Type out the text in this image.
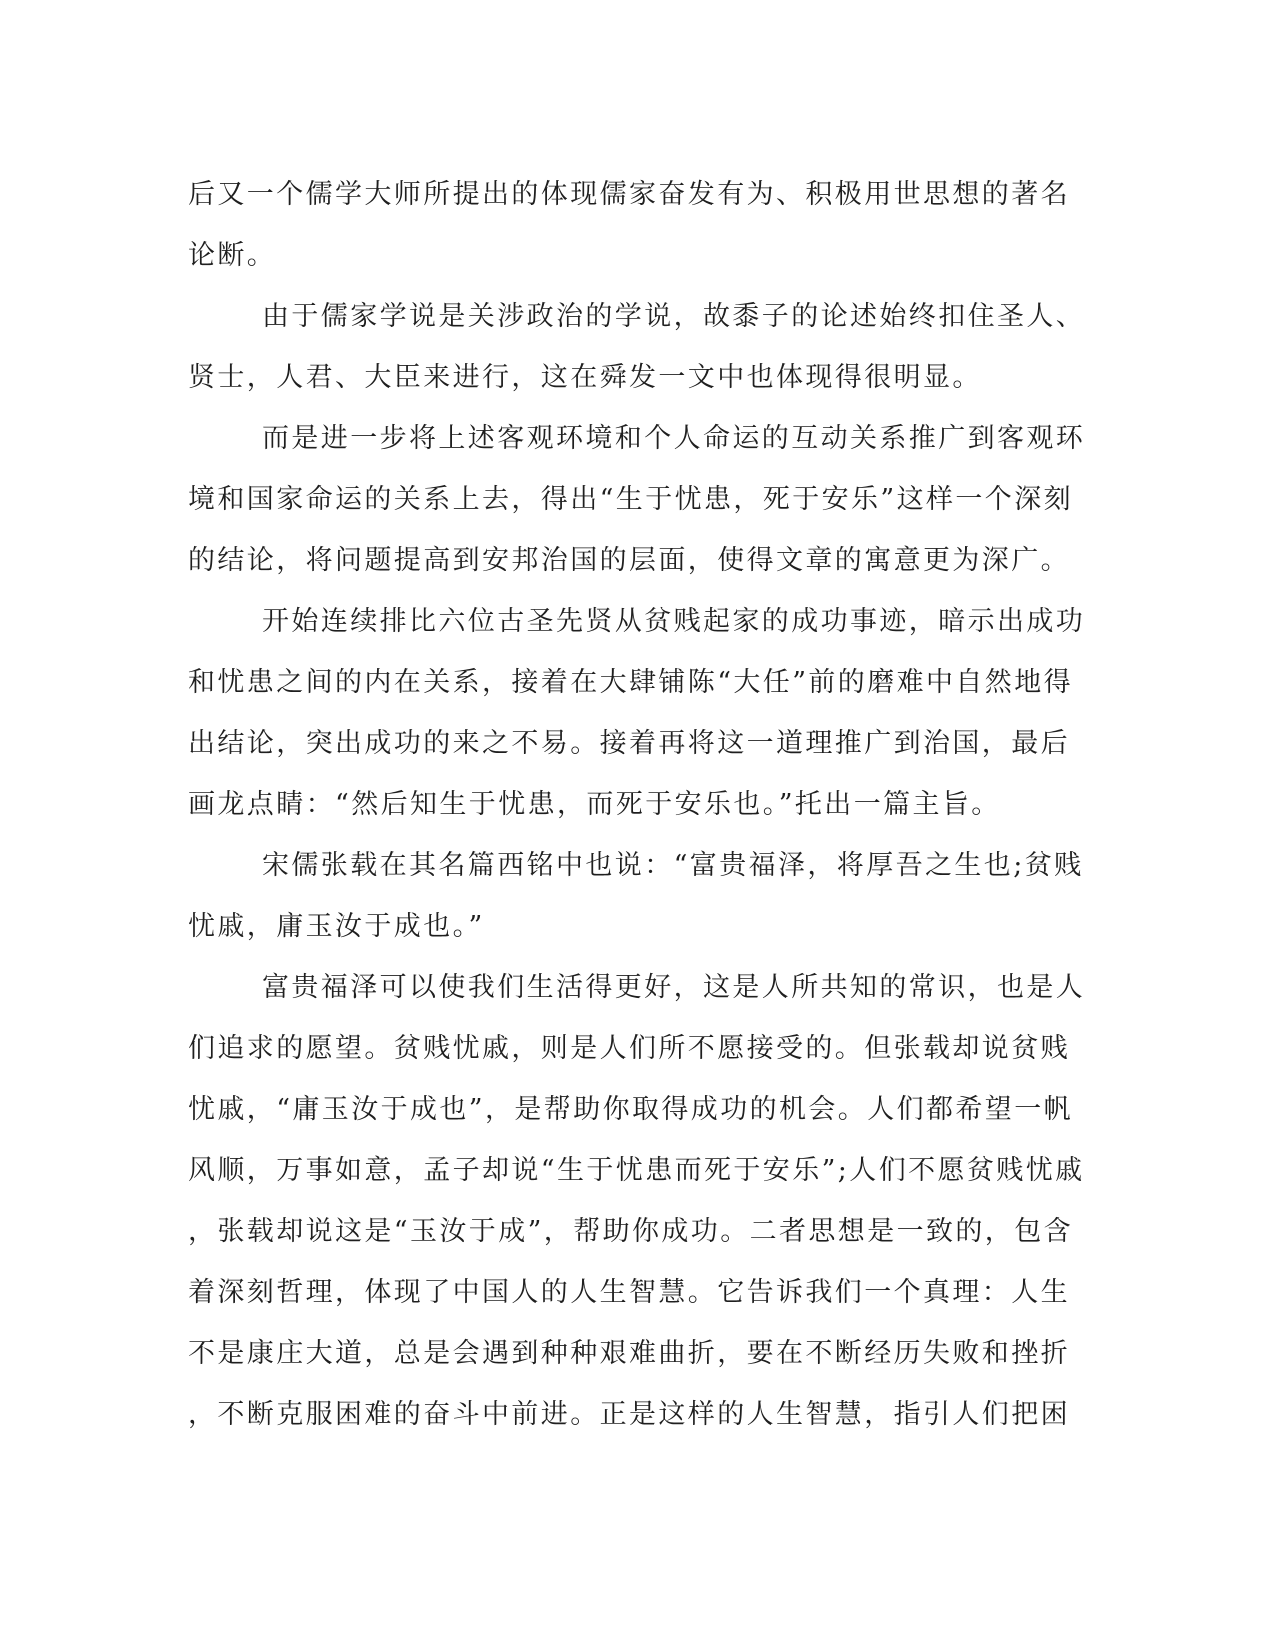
后又一个儒学大师所提出的体现儒家奋发有为、积极用世思想的著名
论断。
由于儒家学说是关涉政治的学说，故黍子的论述始终扣住圣人、
贤士，人君、大臣来进行，这在舜发一文中也体现得很明显。
而是进一步将上述客观环境和个人命运的互动关系推广到客观环
境和国家命运的关系上去，得出“生于忧患，死于安乐”这样一个深刻
的结论，将问题提高到安邦治国的层面，使得文章的寓意更为深广。
开始连续排比六位古圣先贤从贫贱起家的成功事迹，暗示出成功
和忧患之间的内在关系，接着在大肆铺陈“大任”前的磨难中自然地得
出结论，突出成功的来之不易。接着再将这一道理推广到治国，最后
画龙点睛：“然后知生于忧患，而死于安乐也。”托出一篇主旨。
宋儒张载在其名篇西铭中也说：“富贵福泽，将厚吾之生也;贫贱
忧戚，庸玉汝于成也。”
富贵福泽可以使我们生活得更好，这是人所共知的常识，也是人
们追求的愿望。贫贱忧戚，则是人们所不愿接受的。但张载却说贫贱
忧戚，“庸玉汝于成也”，是帮助你取得成功的机会。人们都希望一帆
风顺，万事如意，孟子却说“生于忧患而死于安乐”;人们不愿贫贱忧戚
，张载却说这是“玉汝于成”，帮助你成功。二者思想是一致的，包含
着深刻哲理，体现了中国人的人生智慧。它告诉我们一个真理：人生
不是康庄大道，总是会遇到种种艰难曲折，要在不断经历失败和挫折
，不断克服困难的奋斗中前进。正是这样的人生智慧，指引人们把困
